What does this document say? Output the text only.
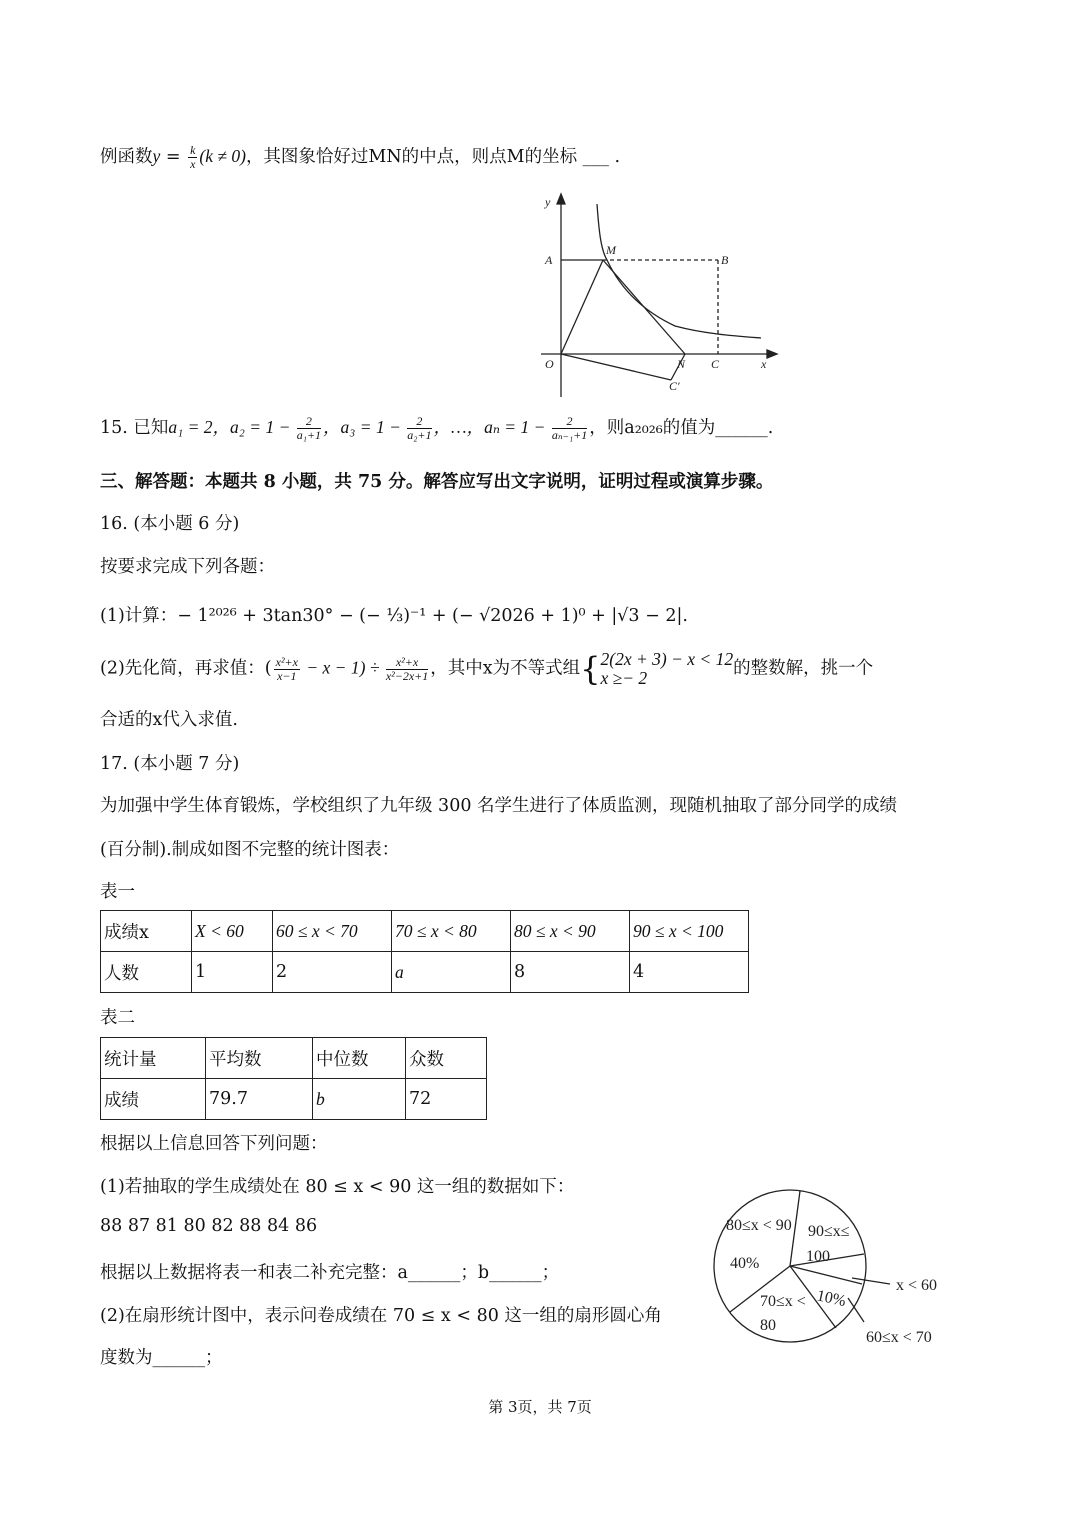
例函数$y = \frac{k}{x} (k \ne 0)$，其图象恰好过MN的中点，则点M的坐标 ___ .
y
x
O
A
M
B
N C
C′
15. 已知a₁ = 2，$a_2 = 1 - \frac{2}{\text{a₁+1}}$ ，$a_3 = 1 - \frac{2}{\text{a₂+1}}$ ，…，$a_n = 1 - \frac{2}{\text{aₙ₋₁+1}}$ ，则a₂₀₂₆的值为______.
三、解答题：本题共 8 小题，共 75 分。解答应写出文字说明，证明过程或演算步骤。
16. (本小题 6 分)
按要求完成下列各题：
(1)计算：− 1²⁰²⁶ + 3tan30° − (− ⅓)⁻¹ + (− √2026 + 1)⁰ + |√3 − 2|.
(2)先化简，再求值：( $\frac{\text{x²+x}}{x-1} - x - 1) \div \frac{\text{x²+x}}{\text{x²−2x+1}}$ ，其中x为不等式组{ 2(2x + 3) − x < 12
x ≥− 2	的整数解，挑一个
合适的x代入求值.
17. (本小题 7 分)
为加强中学生体育锻炼，学校组织了九年级 300 名学生进行了体质监测，现随机抽取了部分同学的成绩
(百分制).制成如图不完整的统计图表：
表一
成绩x	X < 60	60 ≤ x < 70	70 ≤ x < 80	80 ≤ x < 90	90 ≤ x < 100
人数	1	2	a	8	4
表二
统计量	平均数	中位数	众数
成绩	79.7	b	72
根据以上信息回答下列问题：
(1)若抽取的学生成绩处在 80 ≤ x < 90 这一组的数据如下：
88 87 81 80 82 88 84 86
根据以上数据将表一和表二补充完整：a______；b______；
(2)在扇形统计图中，表示问卷成绩在 70 ≤ x < 80 这一组的扇形圆心角
度数为______；
80≤x < 90 90≤x≤
100
40%
70≤x <
80
10%
x < 60
60≤x < 70
第 3页，共 7页
